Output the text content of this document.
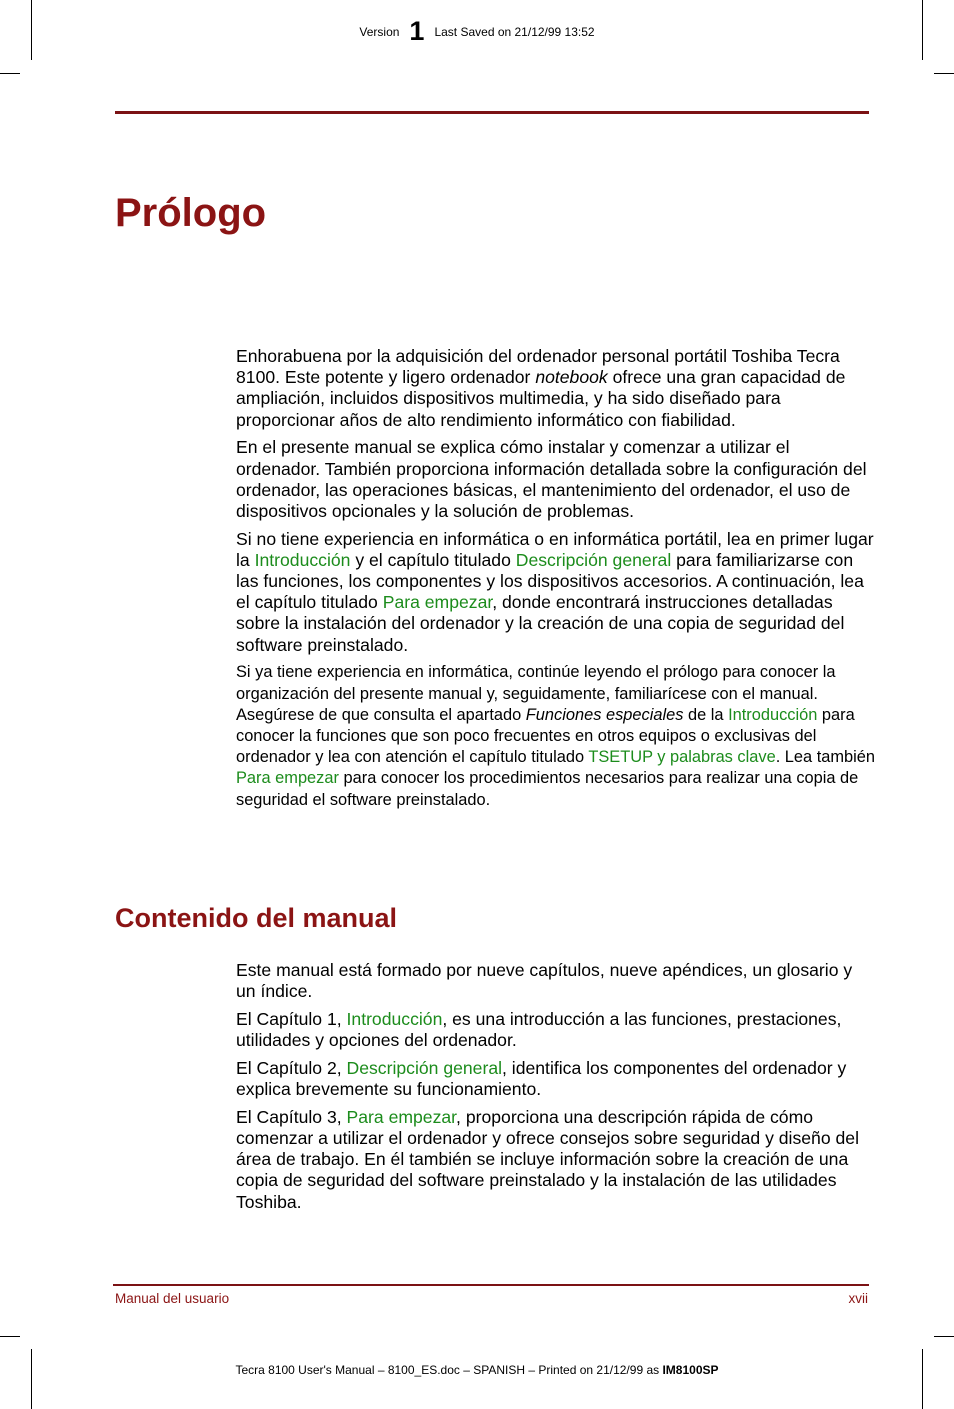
Version 1 Last Saved on 21/12/99 13:52
Prólogo

Enhorabuena por la adquisición del ordenador personal portátil Toshiba Tecra 8100. Este potente y ligero ordenador notebook ofrece una gran capacidad de ampliación, incluidos dispositivos multimedia, y ha sido diseñado para proporcionar años de alto rendimiento informático con fiabilidad.

En el presente manual se explica cómo instalar y comenzar a utilizar el ordenador. También proporciona información detallada sobre la configuración del ordenador, las operaciones básicas, el mantenimiento del ordenador, el uso de dispositivos opcionales y la solución de problemas.

Si no tiene experiencia en informática o en informática portátil, lea en primer lugar la Introducción y el capítulo titulado Descripción general para familiarizarse con las funciones, los componentes y los dispositivos accesorios. A continuación, lea el capítulo titulado Para empezar, donde encontrará instrucciones detalladas sobre la instalación del ordenador y la creación de una copia de seguridad del software preinstalado.

Si ya tiene experiencia en informática, continúe leyendo el prólogo para conocer la organización del presente manual y, seguidamente, familiarícese con el manual. Asegúrese de que consulta el apartado Funciones especiales de la Introducción para conocer la funciones que son poco frecuentes en otros equipos o exclusivas del ordenador y lea con atención el capítulo titulado TSETUP y palabras clave. Lea también Para empezar para conocer los procedimientos necesarios para realizar una copia de seguridad el software preinstalado.

Contenido del manual

Este manual está formado por nueve capítulos, nueve apéndices, un glosario y un índice.

El Capítulo 1, Introducción, es una introducción a las funciones, prestaciones, utilidades y opciones del ordenador.

El Capítulo 2, Descripción general, identifica los componentes del ordenador y explica brevemente su funcionamiento.

El Capítulo 3, Para empezar, proporciona una descripción rápida de cómo comenzar a utilizar el ordenador y ofrece consejos sobre seguridad y diseño del área de trabajo. En él también se incluye información sobre la creación de una copia de seguridad del software preinstalado y la instalación de las utilidades Toshiba.

Manual del usuario	xvii
Tecra 8100 User's Manual – 8100_ES.doc – SPANISH – Printed on 21/12/99 as IM8100SP
